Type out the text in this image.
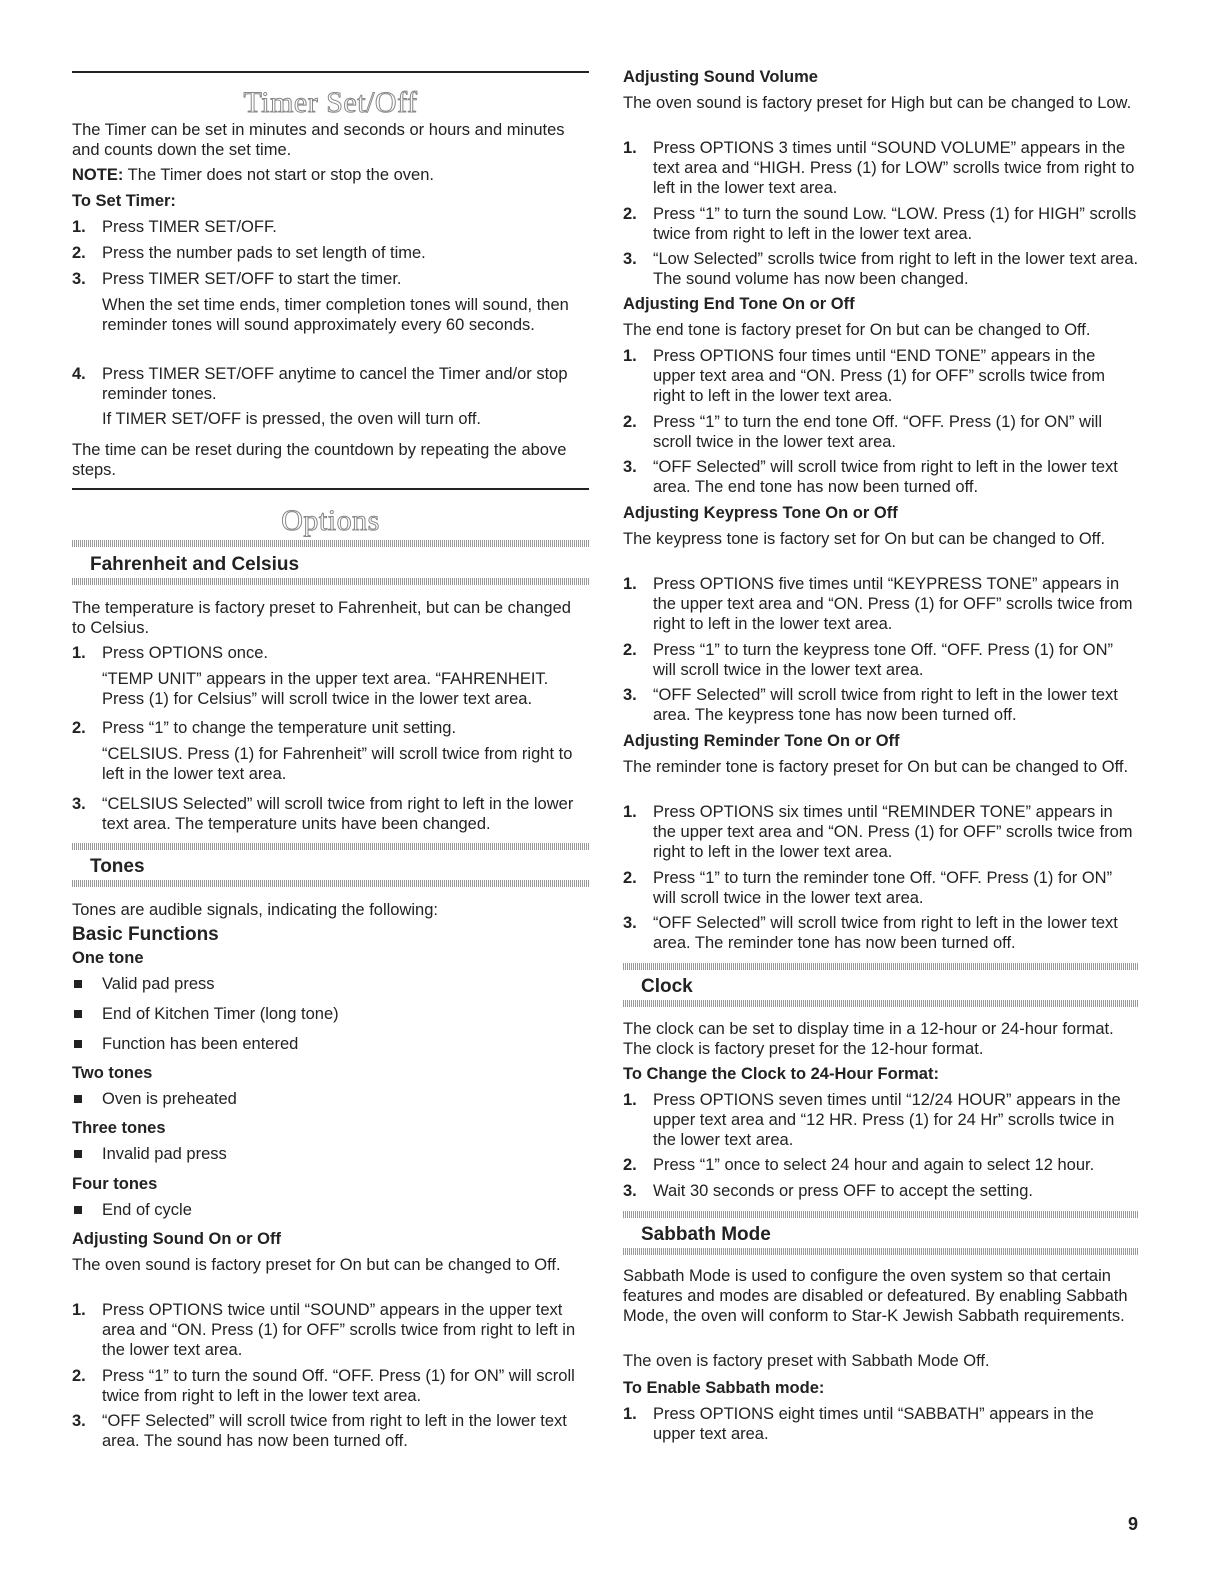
Timer Set/Off

The Timer can be set in minutes and seconds or hours and minutes and counts down the set time.

NOTE: The Timer does not start or stop the oven.

To Set Timer:

1. Press TIMER SET/OFF.

2. Press the number pads to set length of time.

3. Press TIMER SET/OFF to start the timer.

When the set time ends, timer completion tones will sound, then reminder tones will sound approximately every 60 seconds.

4. Press TIMER SET/OFF anytime to cancel the Timer and/or stop reminder tones.

If TIMER SET/OFF is pressed, the oven will turn off.

The time can be reset during the countdown by repeating the above steps.

Options
Fahrenheit and Celsius

The temperature is factory preset to Fahrenheit, but can be changed to Celsius.

1. Press OPTIONS once.

“TEMP UNIT” appears in the upper text area. “FAHRENHEIT. Press (1) for Celsius” will scroll twice in the lower text area.

2. Press “1” to change the temperature unit setting.

“CELSIUS. Press (1) for Fahrenheit” will scroll twice from right to left in the lower text area.

3. “CELSIUS Selected” will scroll twice from right to left in the lower text area. The temperature units have been changed.

Tones

Tones are audible signals, indicating the following:

Basic Functions

One tone

Valid pad press
End of Kitchen Timer (long tone)
Function has been entered

Two tones

Oven is preheated

Three tones

Invalid pad press

Four tones

End of cycle

Adjusting Sound On or Off

The oven sound is factory preset for On but can be changed to Off.

1. Press OPTIONS twice until “SOUND” appears in the upper text area and “ON. Press (1) for OFF” scrolls twice from right to left in the lower text area.

2. Press “1” to turn the sound Off. “OFF. Press (1) for ON” will scroll twice from right to left in the lower text area.

3. “OFF Selected” will scroll twice from right to left in the lower text area. The sound has now been turned off.

Adjusting Sound Volume

The oven sound is factory preset for High but can be changed to Low.

1. Press OPTIONS 3 times until “SOUND VOLUME” appears in the text area and “HIGH. Press (1) for LOW” scrolls twice from right to left in the lower text area.

2. Press “1” to turn the sound Low. “LOW. Press (1) for HIGH” scrolls twice from right to left in the lower text area.

3. “Low Selected” scrolls twice from right to left in the lower text area. The sound volume has now been changed.

Adjusting End Tone On or Off

The end tone is factory preset for On but can be changed to Off.

1. Press OPTIONS four times until “END TONE” appears in the upper text area and “ON. Press (1) for OFF” scrolls twice from right to left in the lower text area.

2. Press “1” to turn the end tone Off. “OFF. Press (1) for ON” will scroll twice in the lower text area.

3. “OFF Selected” will scroll twice from right to left in the lower text area. The end tone has now been turned off.

Adjusting Keypress Tone On or Off

The keypress tone is factory set for On but can be changed to Off.

1. Press OPTIONS five times until “KEYPRESS TONE” appears in the upper text area and “ON. Press (1) for OFF” scrolls twice from right to left in the lower text area.

2. Press “1” to turn the keypress tone Off. “OFF. Press (1) for ON” will scroll twice in the lower text area.

3. “OFF Selected” will scroll twice from right to left in the lower text area. The keypress tone has now been turned off.

Adjusting Reminder Tone On or Off

The reminder tone is factory preset for On but can be changed to Off.

1. Press OPTIONS six times until “REMINDER TONE” appears in the upper text area and “ON. Press (1) for OFF” scrolls twice from right to left in the lower text area.

2. Press “1” to turn the reminder tone Off. “OFF. Press (1) for ON” will scroll twice in the lower text area.

3. “OFF Selected” will scroll twice from right to left in the lower text area. The reminder tone has now been turned off.

Clock

The clock can be set to display time in a 12-hour or 24-hour format. The clock is factory preset for the 12-hour format.

To Change the Clock to 24-Hour Format:

1. Press OPTIONS seven times until “12/24 HOUR” appears in the upper text area and “12 HR. Press (1) for 24 Hr” scrolls twice in the lower text area.

2. Press “1” once to select 24 hour and again to select 12 hour.

3. Wait 30 seconds or press OFF to accept the setting.

Sabbath Mode

Sabbath Mode is used to configure the oven system so that certain features and modes are disabled or defeatured. By enabling Sabbath Mode, the oven will conform to Star-K Jewish Sabbath requirements.

The oven is factory preset with Sabbath Mode Off.

To Enable Sabbath mode:

1. Press OPTIONS eight times until “SABBATH” appears in the upper text area.

9
